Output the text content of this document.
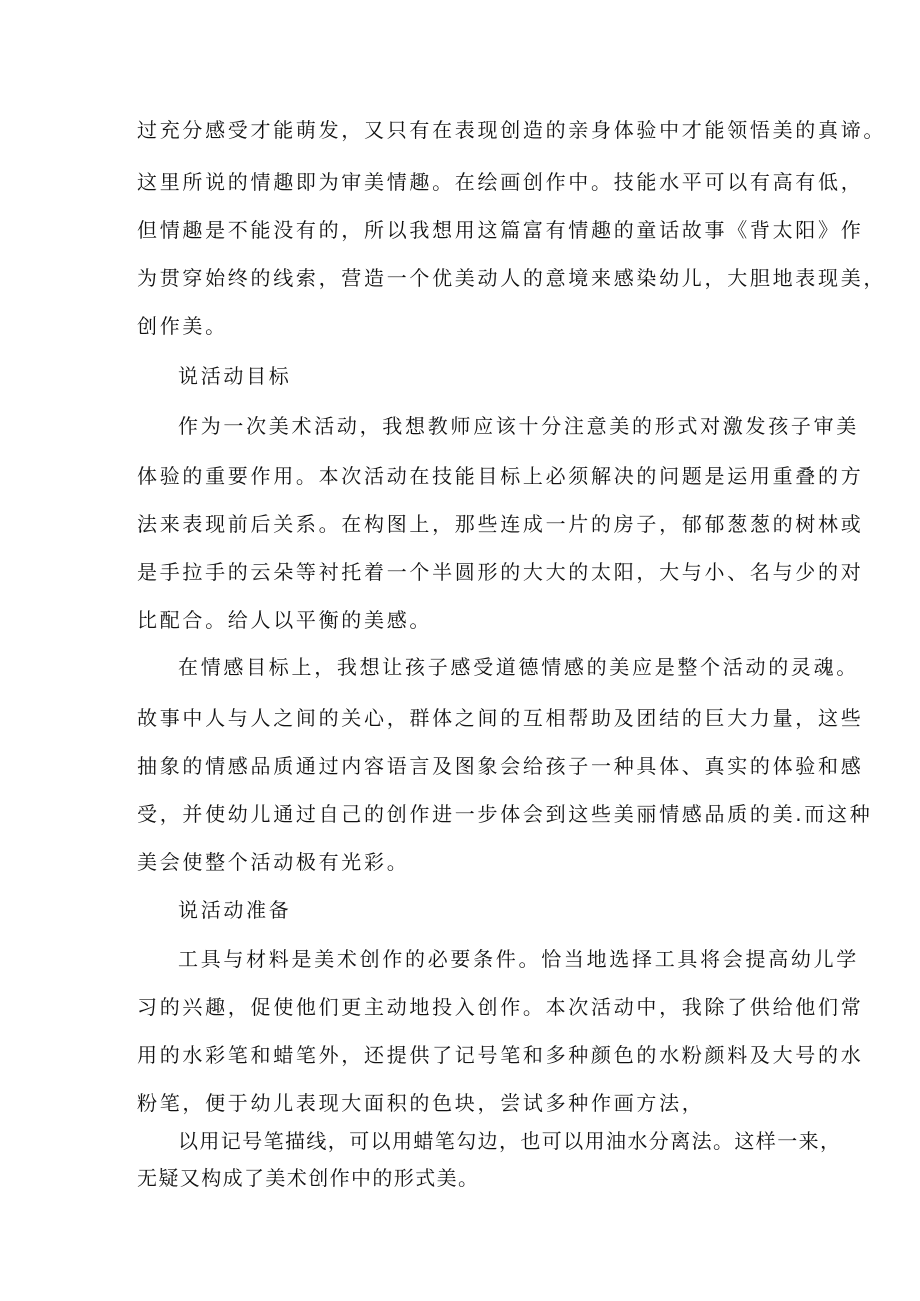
过充分感受才能萌发，又只有在表现创造的亲身体验中才能领悟美的真谛。
这里所说的情趣即为审美情趣。在绘画创作中。技能水平可以有高有低，
但情趣是不能没有的，所以我想用这篇富有情趣的童话故事《背太阳》作
为贯穿始终的线索，营造一个优美动人的意境来感染幼儿，大胆地表现美，
创作美。
说活动目标
作为一次美术活动，我想教师应该十分注意美的形式对激发孩子审美
体验的重要作用。本次活动在技能目标上必须解决的问题是运用重叠的方
法来表现前后关系。在构图上，那些连成一片的房子，郁郁葱葱的树林或
是手拉手的云朵等衬托着一个半圆形的大大的太阳，大与小、名与少的对
比配合。给人以平衡的美感。
在情感目标上，我想让孩子感受道德情感的美应是整个活动的灵魂。
故事中人与人之间的关心，群体之间的互相帮助及团结的巨大力量，这些
抽象的情感品质通过内容语言及图象会给孩子一种具体、真实的体验和感
受，并使幼儿通过自己的创作进一步体会到这些美丽情感品质的美.而这种
美会使整个活动极有光彩。
说活动准备
工具与材料是美术创作的必要条件。恰当地选择工具将会提高幼儿学
习的兴趣，促使他们更主动地投入创作。本次活动中，我除了供给他们常
用的水彩笔和蜡笔外，还提供了记号笔和多种颜色的水粉颜料及大号的水
粉笔，便于幼儿表现大面积的色块，尝试多种作画方法，
以用记号笔描线，可以用蜡笔勾边，也可以用油水分离法。这样一来，
无疑又构成了美术创作中的形式美。
